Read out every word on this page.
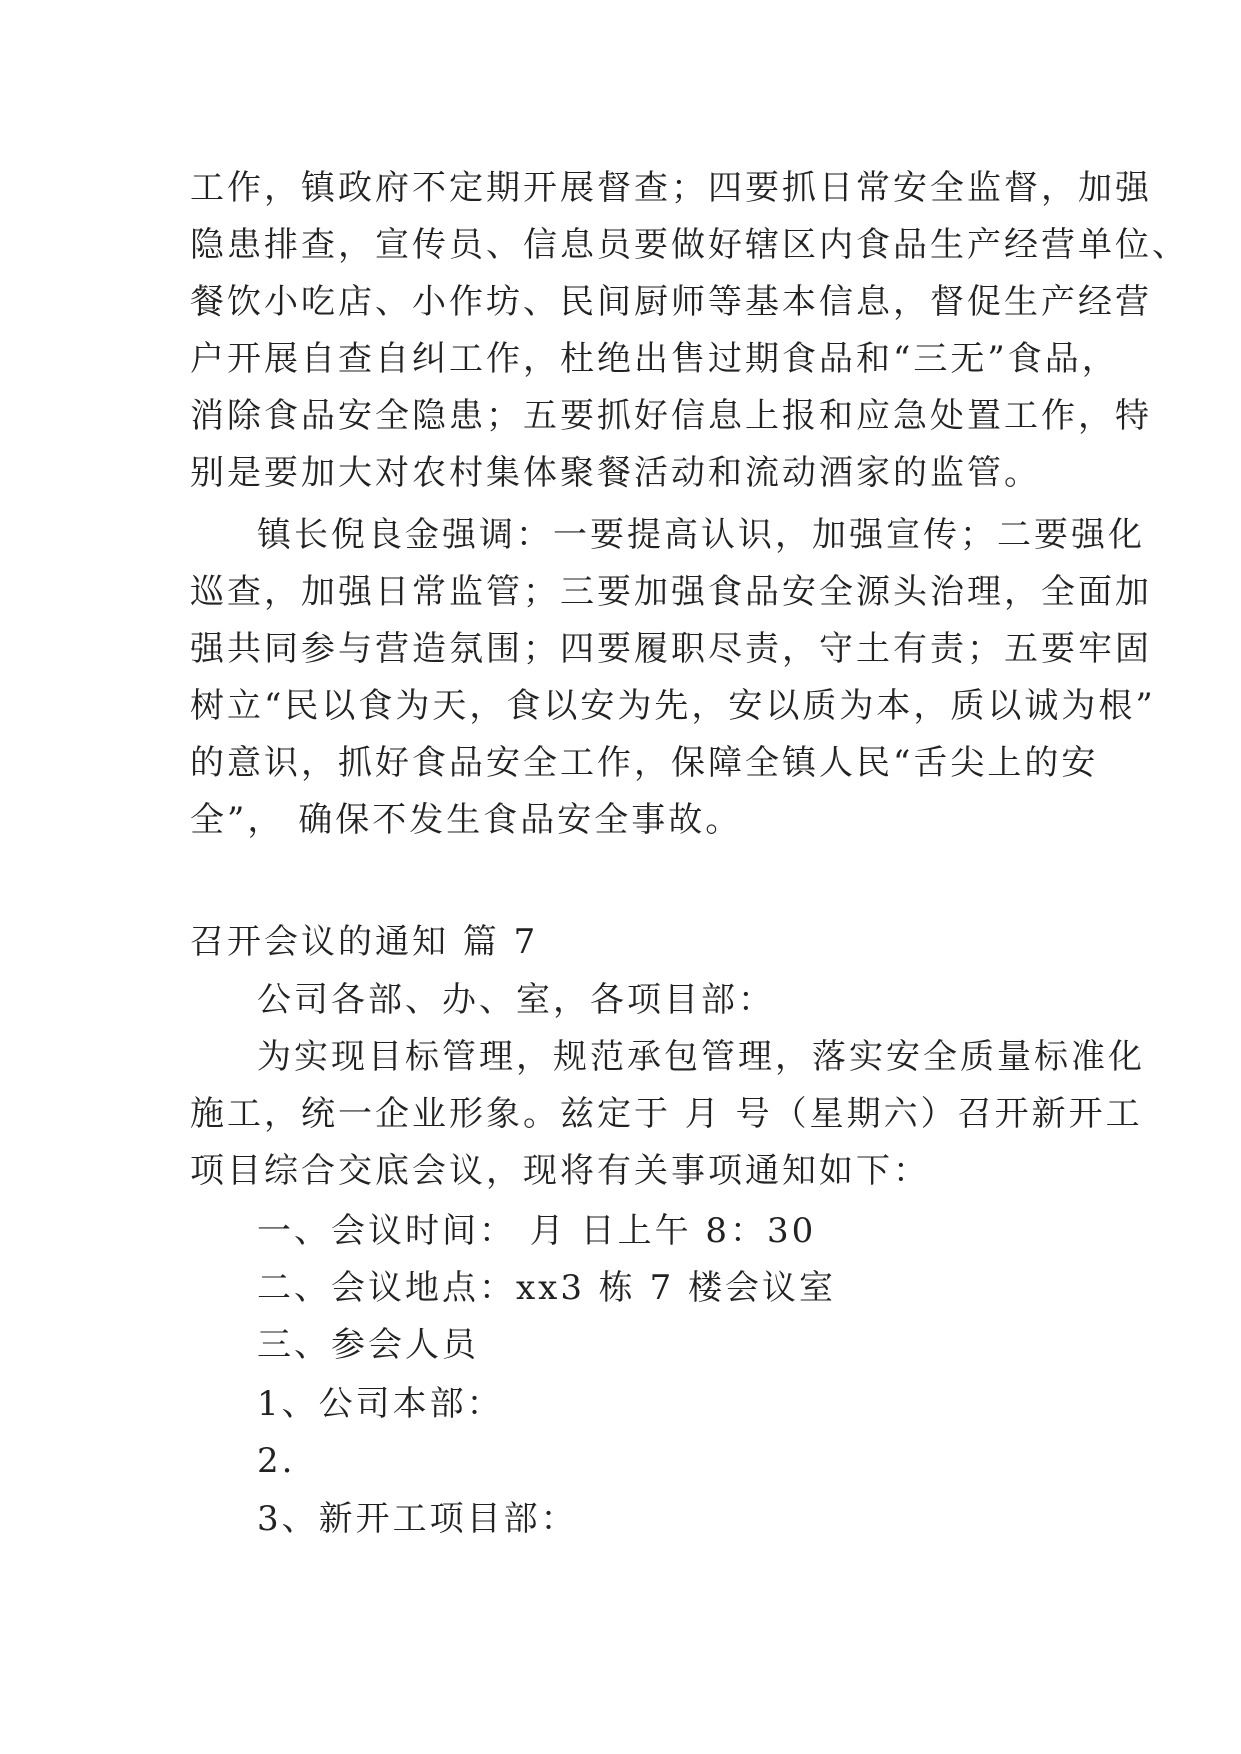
工作，镇政府不定期开展督查；四要抓日常安全监督，加强
隐患排查，宣传员、信息员要做好辖区内食品生产经营单位、
餐饮小吃店、小作坊、民间厨师等基本信息，督促生产经营
户开展自查自纠工作，杜绝出售过期食品和“三无”食品，
消除食品安全隐患；五要抓好信息上报和应急处置工作，特
别是要加大对农村集体聚餐活动和流动酒家的监管。
镇长倪良金强调：一要提高认识，加强宣传；二要强化
巡查，加强日常监管；三要加强食品安全源头治理，全面加
强共同参与营造氛围；四要履职尽责，守土有责；五要牢固
树立“民以食为天，食以安为先，安以质为本，质以诚为根”
的意识，抓好食品安全工作，保障全镇人民“舌尖上的安
全”， 确保不发生食品安全事故。
召开会议的通知 篇 7
公司各部、办、室，各项目部：
为实现目标管理，规范承包管理，落实安全质量标准化
施工，统一企业形象。兹定于 月 号（星期六）召开新开工
项目综合交底会议，现将有关事项通知如下：
一、会议时间： 月 日上午 8：30
二、会议地点：xx3 栋 7 楼会议室
三、参会人员
1、公司本部：
2.
3、新开工项目部：
